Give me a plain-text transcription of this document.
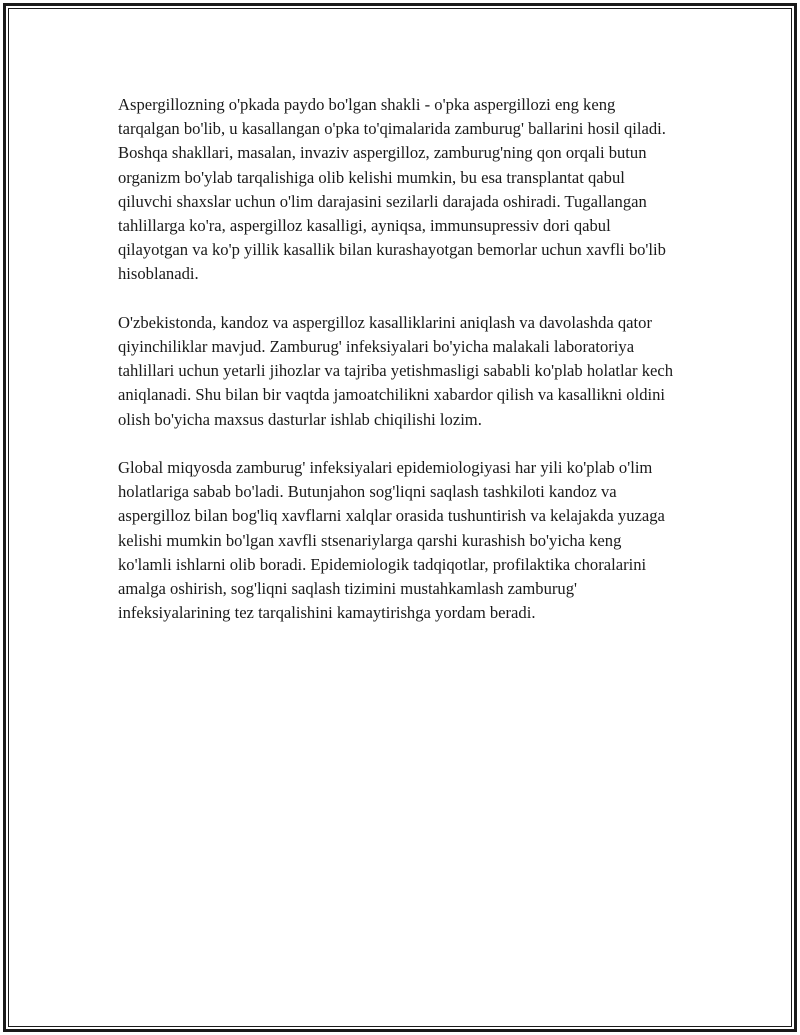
Aspergillozning o'pkada paydo bo'lgan shakli - o'pka aspergillozi eng keng tarqalgan bo'lib, u kasallangan o'pka to'qimalarida zamburug' ballarini hosil qiladi. Boshqa shakllari, masalan, invaziv aspergilloz, zamburug'ning qon orqali butun organizm bo'ylab tarqalishiga olib kelishi mumkin, bu esa transplantat qabul qiluvchi shaxslar uchun o'lim darajasini sezilarli darajada oshiradi. Tugallangan tahlillarga ko'ra, aspergilloz kasalligi, ayniqsa, immunsupressiv dori qabul qilayotgan va ko'p yillik kasallik bilan kurashayotgan bemorlar uchun xavfli bo'lib hisoblanadi.

O'zbekistonda, kandoz va aspergilloz kasalliklarini aniqlash va davolashda qator qiyinchiliklar mavjud. Zamburug' infeksiyalari bo'yicha malakali laboratoriya tahlillari uchun yetarli jihozlar va tajriba yetishmasligi sababli ko'plab holatlar kech aniqlanadi. Shu bilan bir vaqtda jamoatchilikni xabardor qilish va kasallikni oldini olish bo'yicha maxsus dasturlar ishlab chiqilishi lozim.

Global miqyosda zamburug' infeksiyalari epidemiologiyasi har yili ko'plab o'lim holatlariga sabab bo'ladi. Butunjahon sog'liqni saqlash tashkiloti kandoz va aspergilloz bilan bog'liq xavflarni xalqlar orasida tushuntirish va kelajakda yuzaga kelishi mumkin bo'lgan xavfli stsenariylarga qarshi kurashish bo'yicha keng ko'lamli ishlarni olib boradi. Epidemiologik tadqiqotlar, profilaktika choralarini amalga oshirish, sog'liqni saqlash tizimini mustahkamlash zamburug' infeksiyalarining tez tarqalishini kamaytirishga yordam beradi.
